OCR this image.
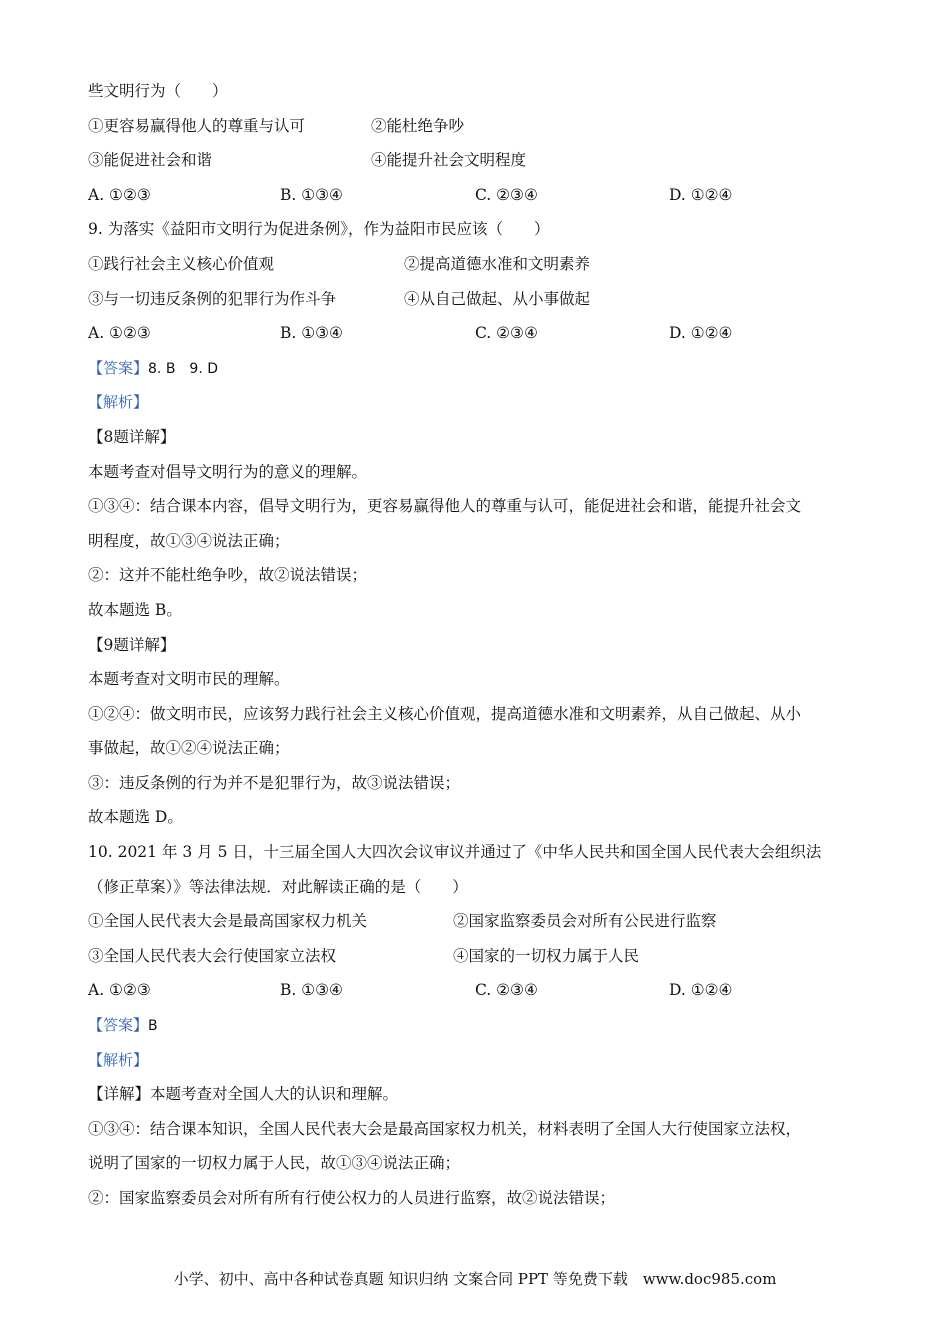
些文明行为（　　）
①更容易赢得他人的尊重与认可	②能杜绝争吵
③能促进社会和谐	④能提升社会文明程度
A. ①②③	B. ①③④	C. ②③④	D. ①②④
9. 为落实《益阳市文明行为促进条例》，作为益阳市民应该（　　）
①践行社会主义核心价值观	②提高道德水准和文明素养
③与一切违反条例的犯罪行为作斗争	④从自己做起、从小事做起
A. ①②③	B. ①③④	C. ②③④	D. ①②④
【答案】8. B　9. D
【解析】
【8题详解】
本题考查对倡导文明行为的意义的理解。
①③④：结合课本内容，倡导文明行为，更容易赢得他人的尊重与认可，能促进社会和谐，能提升社会文
明程度，故①③④说法正确；
②：这并不能杜绝争吵，故②说法错误；
故本题选 B。
【9题详解】
本题考查对文明市民的理解。
①②④：做文明市民，应该努力践行社会主义核心价值观，提高道德水准和文明素养，从自己做起、从小
事做起，故①②④说法正确；
③：违反条例的行为并不是犯罪行为，故③说法错误；
故本题选 D。
10. 2021 年 3 月 5 日，十三届全国人大四次会议审议并通过了《中华人民共和国全国人民代表大会组织法
（修正草案）》等法律法规．对此解读正确的是（　　）
①全国人民代表大会是最高国家权力机关	②国家监察委员会对所有公民进行监察
③全国人民代表大会行使国家立法权	④国家的一切权力属于人民
A. ①②③	B. ①③④	C. ②③④	D. ①②④
【答案】B
【解析】
【详解】本题考查对全国人大的认识和理解。
①③④：结合课本知识，全国人民代表大会是最高国家权力机关，材料表明了全国人大行使国家立法权，
说明了国家的一切权力属于人民，故①③④说法正确；
②：国家监察委员会对所有所有行使公权力的人员进行监察，故②说法错误；
小学、初中、高中各种试卷真题 知识归纳 文案合同 PPT 等免费下载　www.doc985.com
